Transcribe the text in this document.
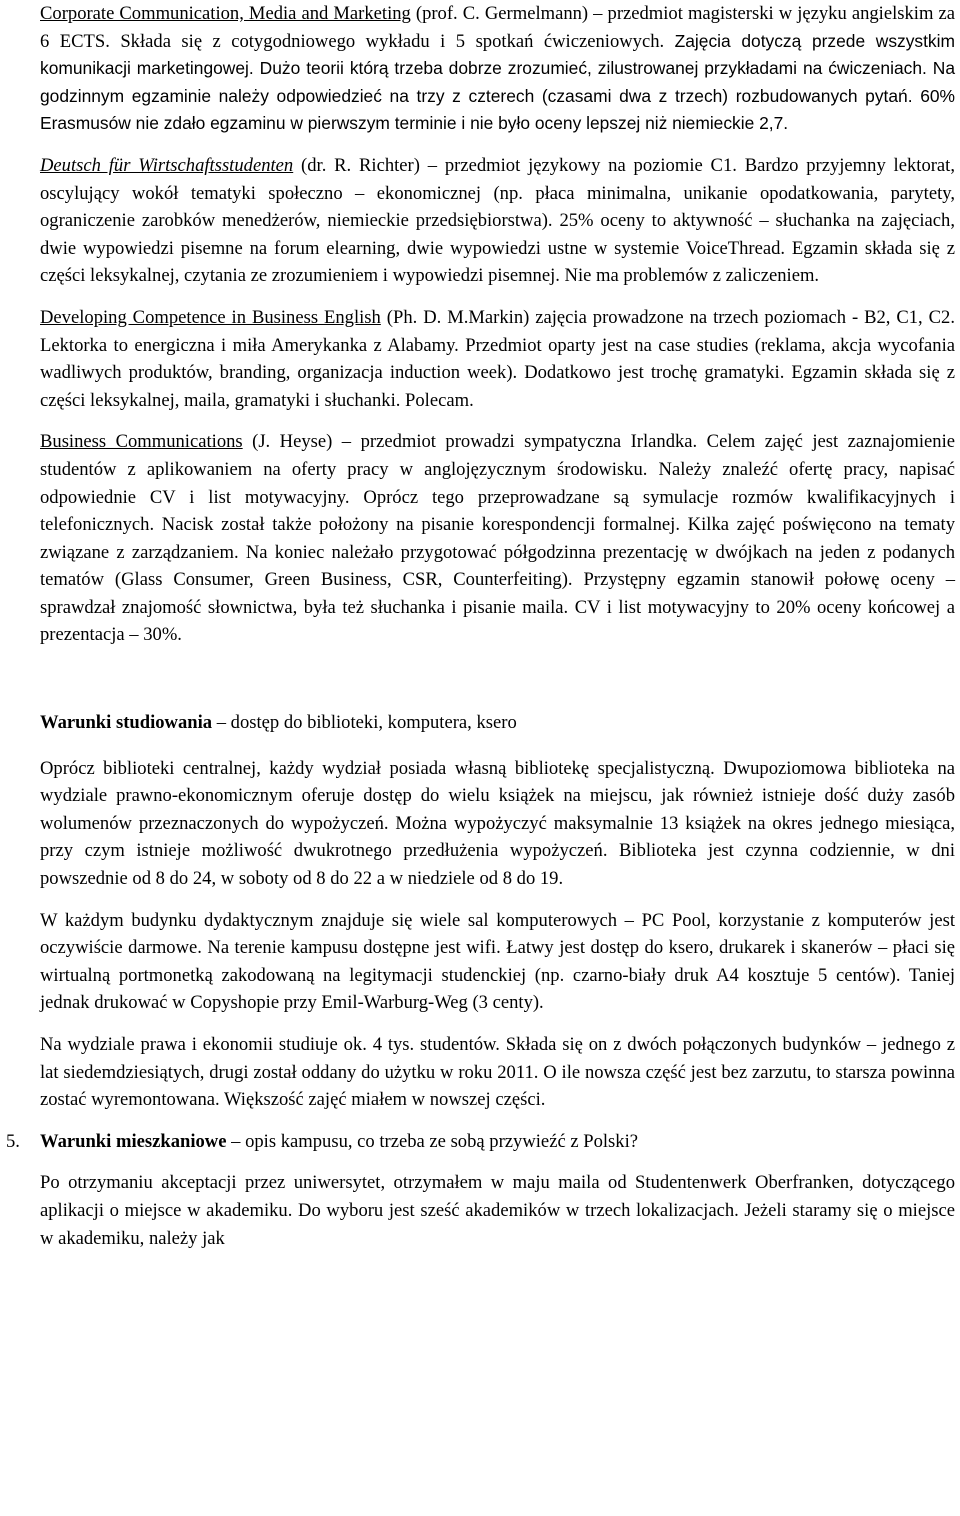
Corporate Communication, Media and Marketing (prof. C. Germelmann) – przedmiot magisterski w języku angielskim za 6 ECTS. Składa się z cotygodniowego wykładu i 5 spotkań ćwiczeniowych. Zajęcia dotyczą przede wszystkim komunikacji marketingowej. Dużo teorii którą trzeba dobrze zrozumieć, zilustrowanej przykładami na ćwiczeniach. Na godzinnym egzaminie należy odpowiedzieć na trzy z czterech (czasami dwa z trzech) rozbudowanych pytań. 60% Erasmusów nie zdało egzaminu w pierwszym terminie i nie było oceny lepszej niż niemieckie 2,7.

Deutsch für Wirtschaftsstudenten (dr. R. Richter) – przedmiot językowy na poziomie C1. Bardzo przyjemny lektorat, oscylujący wokół tematyki społeczno – ekonomicznej (np. płaca minimalna, unikanie opodatkowania, parytety, ograniczenie zarobków menedżerów, niemieckie przedsiębiorstwa). 25% oceny to aktywność – słuchanka na zajęciach, dwie wypowiedzi pisemne na forum elearning, dwie wypowiedzi ustne w systemie VoiceThread. Egzamin składa się z części leksykalnej, czytania ze zrozumieniem i wypowiedzi pisemnej. Nie ma problemów z zaliczeniem.

Developing Competence in Business English (Ph. D. M.Markin) zajęcia prowadzone na trzech poziomach - B2, C1, C2. Lektorka to energiczna i miła Amerykanka z Alabamy. Przedmiot oparty jest na case studies (reklama, akcja wycofania wadliwych produktów, branding, organizacja induction week). Dodatkowo jest trochę gramatyki. Egzamin składa się z części leksykalnej, maila, gramatyki i słuchanki. Polecam.

Business Communications (J. Heyse) – przedmiot prowadzi sympatyczna Irlandka. Celem zajęć jest zaznajomienie studentów z aplikowaniem na oferty pracy w anglojęzycznym środowisku. Należy znaleźć ofertę pracy, napisać odpowiednie CV i list motywacyjny. Oprócz tego przeprowadzane są symulacje rozmów kwalifikacyjnych i telefonicznych. Nacisk został także położony na pisanie korespondencji formalnej. Kilka zajęć poświęcono na tematy związane z zarządzaniem. Na koniec należało przygotować półgodzinna prezentację w dwójkach na jeden z podanych tematów (Glass Consumer, Green Business, CSR, Counterfeiting). Przystępny egzamin stanowił połowę oceny – sprawdzał znajomość słownictwa, była też słuchanka i pisanie maila. CV i list motywacyjny to 20% oceny końcowej a prezentacja – 30%.

Warunki studiowania – dostęp do biblioteki, komputera, ksero

Oprócz biblioteki centralnej, każdy wydział posiada własną bibliotekę specjalistyczną. Dwupoziomowa biblioteka na wydziale prawno-ekonomicznym oferuje dostęp do wielu książek na miejscu, jak również istnieje dość duży zasób wolumenów przeznaczonych do wypożyczeń. Można wypożyczyć maksymalnie 13 książek na okres jednego miesiąca, przy czym istnieje możliwość dwukrotnego przedłużenia wypożyczeń. Biblioteka jest czynna codziennie, w dni powszednie od 8 do 24, w soboty od 8 do 22 a w niedziele od 8 do 19.

W każdym budynku dydaktycznym znajduje się wiele sal komputerowych – PC Pool, korzystanie z komputerów jest oczywiście darmowe. Na terenie kampusu dostępne jest wifi. Łatwy jest dostęp do ksero, drukarek i skanerów – płaci się wirtualną portmonetką zakodowaną na legitymacji studenckiej (np. czarno-biały druk A4 kosztuje 5 centów). Taniej jednak drukować w Copyshopie przy Emil-Warburg-Weg (3 centy).

Na wydziale prawa i ekonomii studiuje ok. 4 tys. studentów. Składa się on z dwóch połączonych budynków – jednego z lat siedemdziesiątych, drugi został oddany do użytku w roku 2011. O ile nowsza część jest bez zarzutu, to starsza powinna zostać wyremontowana. Większość zajęć miałem w nowszej części.

5. Warunki mieszkaniowe – opis kampusu, co trzeba ze sobą przywieźć z Polski?

Po otrzymaniu akceptacji przez uniwersytet, otrzymałem w maju maila od Studentenwerk Oberfranken, dotyczącego aplikacji o miejsce w akademiku. Do wyboru jest sześć akademików w trzech lokalizacjach. Jeżeli staramy się o miejsce w akademiku, należy jak
